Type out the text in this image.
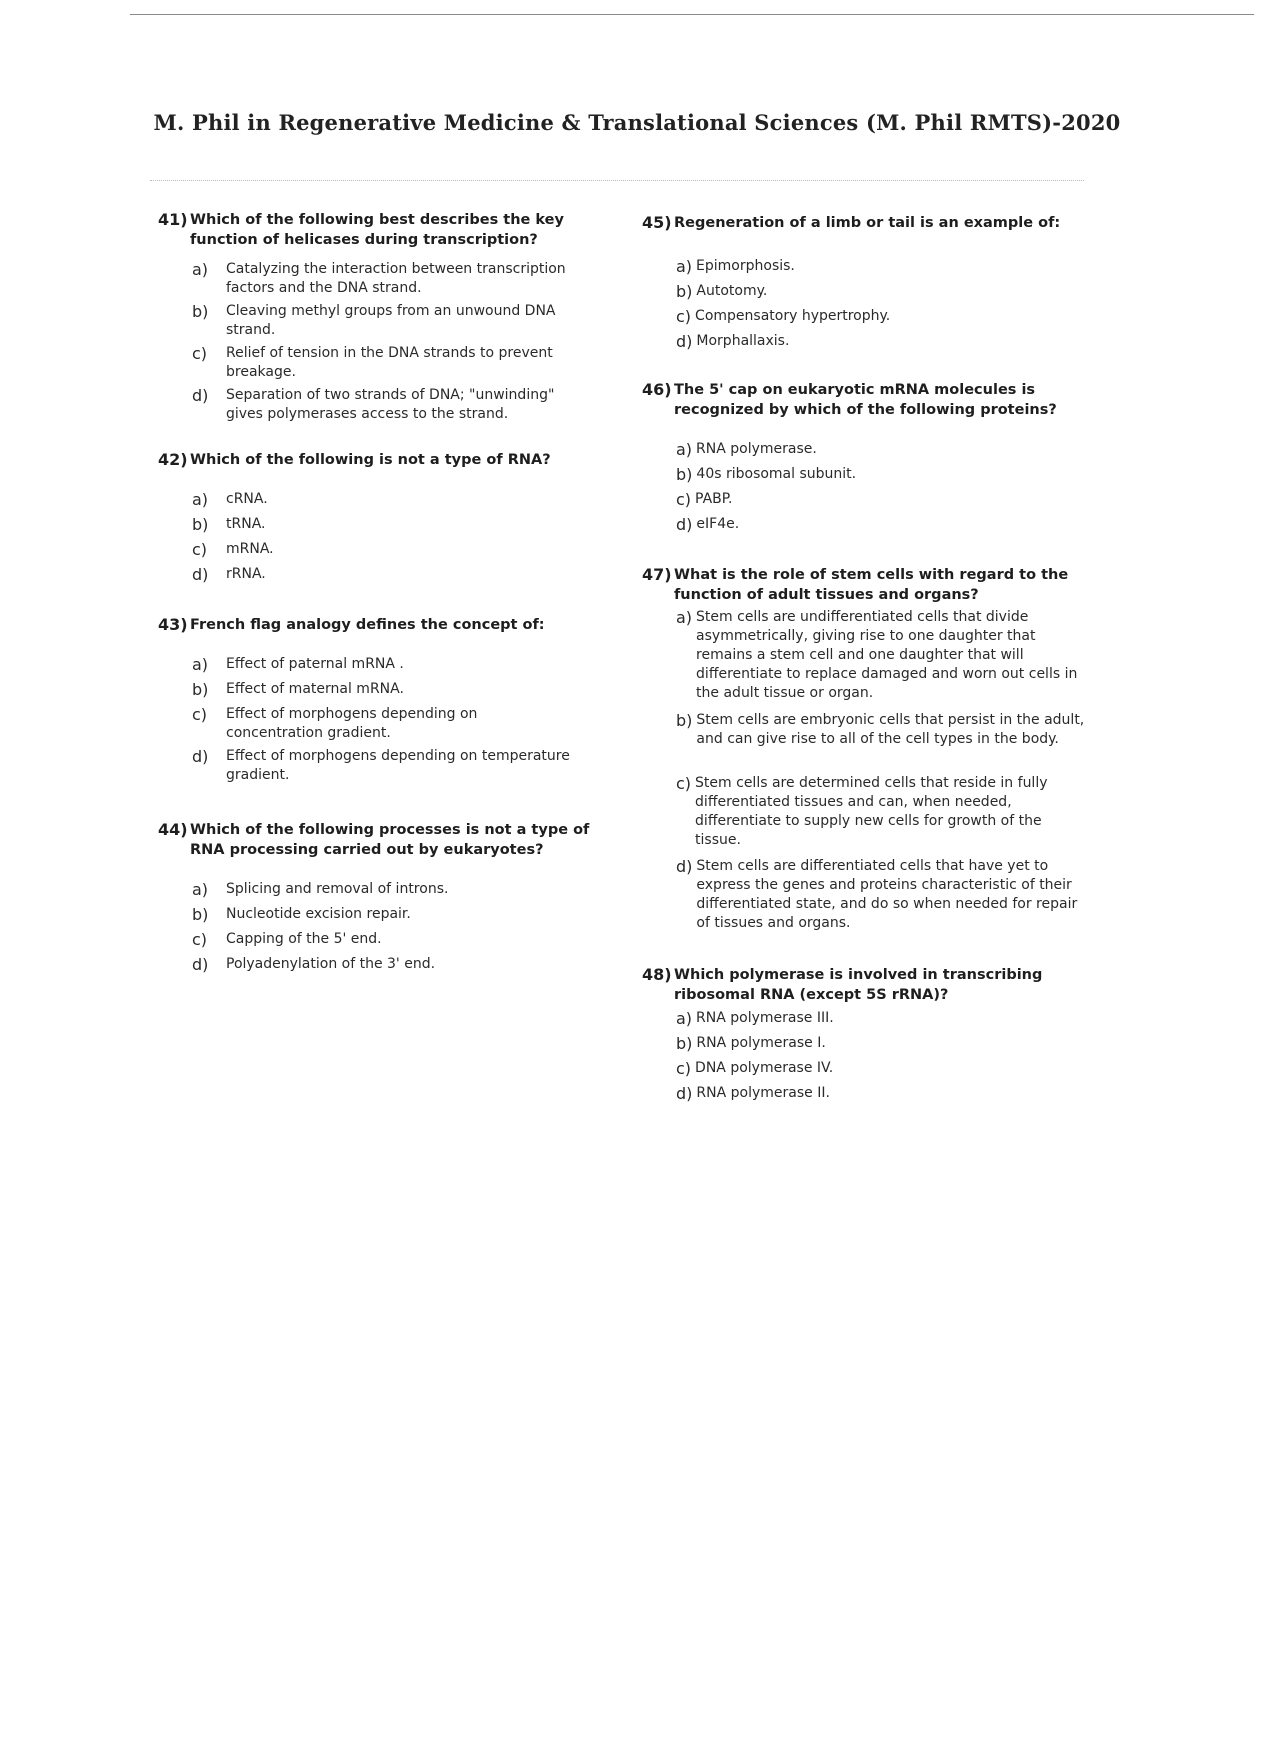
M. Phil in Regenerative Medicine & Translational Sciences (M. Phil RMTS)-2020
41) Which of the following best describes the key function of helicases during transcription?
a)	Catalyzing the interaction between transcription factors and the DNA strand.
b)	Cleaving methyl groups from an unwound DNA strand.
c)	Relief of tension in the DNA strands to prevent breakage.
d)	Separation of two strands of DNA; "unwinding" gives polymerases access to the strand.
42) Which of the following is not a type of RNA?
a)	cRNA.
b)	tRNA.
c)	mRNA.
d)	rRNA.
43) French flag analogy defines the concept of:
a)	Effect of paternal mRNA .
b)	Effect of maternal mRNA.
c)	Effect of morphogens depending on concentration gradient.
d)	Effect of morphogens depending on temperature gradient.
44) Which of the following processes is not a type of RNA processing carried out by eukaryotes?
a)	Splicing and removal of introns.
b)	Nucleotide excision repair.
c)	Capping of the 5' end.
d)	Polyadenylation of the 3' end.
45) Regeneration of a limb or tail is an example of:
a) Epimorphosis.
b) Autotomy.
c) Compensatory hypertrophy.
d) Morphallaxis.
46) The 5' cap on eukaryotic mRNA molecules is recognized by which of the following proteins?
a) RNA polymerase.
b) 40s ribosomal subunit.
c) PABP.
d) eIF4e.
47) What is the role of stem cells with regard to the function of adult tissues and organs?
a) Stem cells are undifferentiated cells that divide asymmetrically, giving rise to one daughter that remains a stem cell and one daughter that will differentiate to replace damaged and worn out cells in the adult tissue or organ.
b) Stem cells are embryonic cells that persist in the adult, and can give rise to all of the cell types in the body.
c) Stem cells are determined cells that reside in fully differentiated tissues and can, when needed, differentiate to supply new cells for growth of the tissue.
d) Stem cells are differentiated cells that have yet to express the genes and proteins characteristic of their differentiated state, and do so when needed for repair of tissues and organs.
48) Which polymerase is involved in transcribing ribosomal RNA (except 5S rRNA)?
a) RNA polymerase III.
b) RNA polymerase I.
c) DNA polymerase IV.
d) RNA polymerase II.
